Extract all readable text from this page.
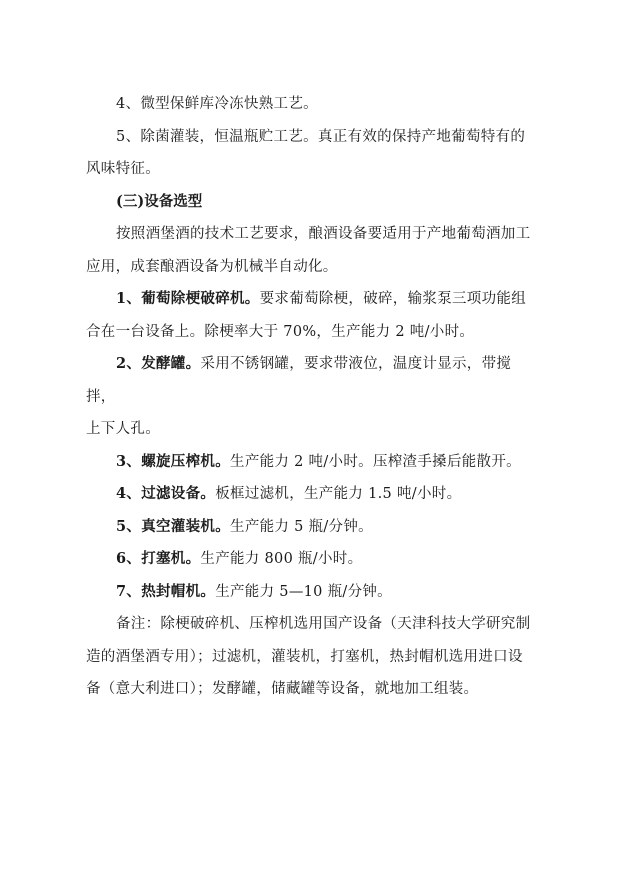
4、微型保鲜库冷冻快熟工艺。

5、除菌灌装，恒温瓶贮工艺。真正有效的保持产地葡萄特有的
风味特征。

(三)设备选型

按照酒堡酒的技术工艺要求，酿酒设备要适用于产地葡萄酒加工
应用，成套酿酒设备为机械半自动化。

1、葡萄除梗破碎机。要求葡萄除梗，破碎，输浆泵三项功能组
合在一台设备上。除梗率大于 70%，生产能力 2 吨/小时。

2、发酵罐。采用不锈钢罐，要求带液位，温度计显示，带搅拌，
上下人孔。

3、螺旋压榨机。生产能力 2 吨/小时。压榨渣手搡后能散开。

4、过滤设备。板框过滤机，生产能力 1.5 吨/小时。

5、真空灌装机。生产能力 5 瓶/分钟。

6、打塞机。生产能力 800 瓶/小时。

7、热封帽机。生产能力 5—10 瓶/分钟。

备注：除梗破碎机、压榨机选用国产设备（天津科技大学研究制
造的酒堡酒专用）；过滤机，灌装机，打塞机，热封帽机选用进口设
备（意大利进口）；发酵罐，储藏罐等设备，就地加工组装。
